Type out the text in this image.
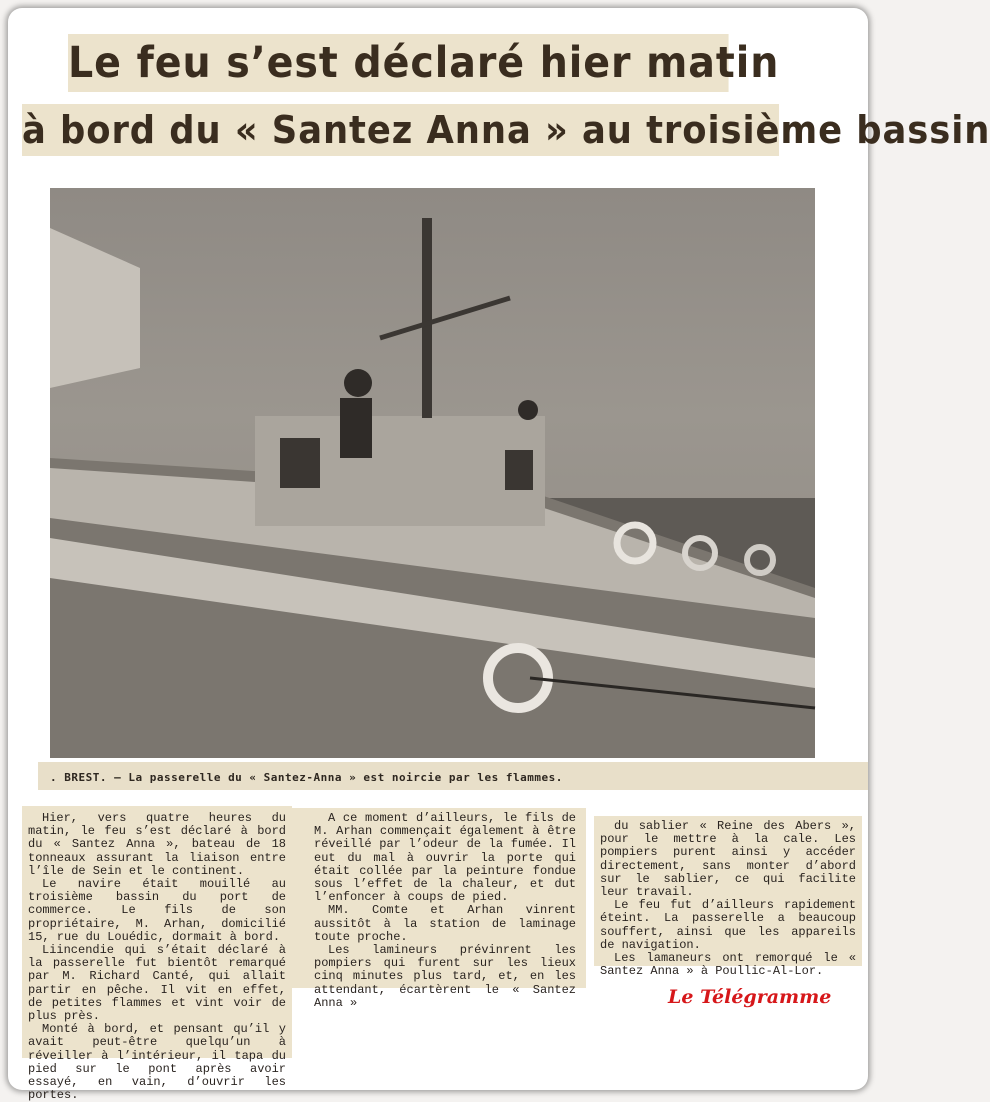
Le feu s’est déclaré hier matin
à bord du « Santez Anna » au troisième bassin
. BREST. — La passerelle du « Santez-Anna » est noircie par les flammes.

Hier, vers quatre heures du matin, le feu s’est déclaré à bord du « Santez Anna », bateau de 18 tonneaux assurant la liaison entre l’île de Sein et le continent.

Le navire était mouillé au troisième bassin du port de commerce. Le fils de son propriétaire, M. Arhan, domicilié 15, rue du Louédic, dormait à bord.

Liincendie qui s’était déclaré à la passerelle fut bientôt remarqué par M. Richard Canté, qui allait partir en pêche. Il vit en effet, de petites flammes et vint voir de plus près.

Monté à bord, et pensant qu’il y avait peut-être quelqu’un à réveiller à l’intérieur, il tapa du pied sur le pont après avoir essayé, en vain, d’ouvrir les portes.

A ce moment d’ailleurs, le fils de M. Arhan commençait également à être réveillé par l’odeur de la fumée. Il eut du mal à ouvrir la porte qui était collée par la peinture fondue sous l’effet de la chaleur, et dut l’enfoncer à coups de pied.

MM. Comte et Arhan vinrent aussitôt à la station de laminage toute proche.

Les lamineurs prévinrent les pompiers qui furent sur les lieux cinq minutes plus tard, et, en les attendant, écartèrent le « Santez Anna »

du sablier « Reine des Abers », pour le mettre à la cale. Les pompiers purent ainsi y accéder directement, sans monter d’abord sur le sablier, ce qui facilite leur travail.

Le feu fut d’ailleurs rapidement éteint. La passerelle a beaucoup souffert, ainsi que les appareils de navigation.

Les lamaneurs ont remorqué le « Santez Anna » à Poullic-Al-Lor.

Le Télégramme
